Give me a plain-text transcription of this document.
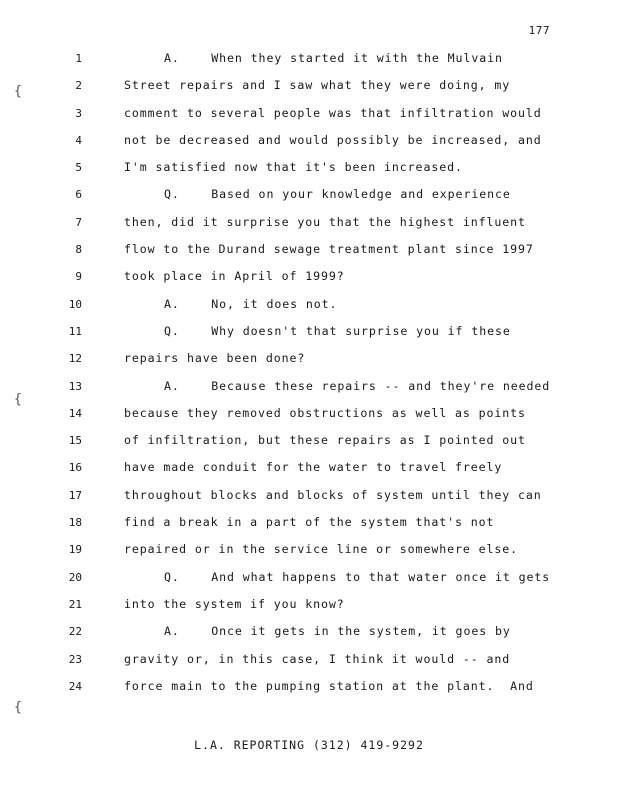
{
{
{
177
1	A.    When they started it with the Mulvain
2	Street repairs and I saw what they were doing, my
3	comment to several people was that infiltration would
4	not be decreased and would possibly be increased, and
5	I'm satisfied now that it's been increased.
6	Q.    Based on your knowledge and experience
7	then, did it surprise you that the highest influent
8	flow to the Durand sewage treatment plant since 1997
9	took place in April of 1999?
10	A.    No, it does not.
11	Q.    Why doesn't that surprise you if these
12	repairs have been done?
13	A.    Because these repairs -- and they're needed
14	because they removed obstructions as well as points
15	of infiltration, but these repairs as I pointed out
16	have made conduit for the water to travel freely
17	throughout blocks and blocks of system until they can
18	find a break in a part of the system that's not
19	repaired or in the service line or somewhere else.
20	Q.    And what happens to that water once it gets
21	into the system if you know?
22	A.    Once it gets in the system, it goes by
23	gravity or, in this case, I think it would -- and
24	force main to the pumping station at the plant.  And
L.A. REPORTING (312) 419-9292
